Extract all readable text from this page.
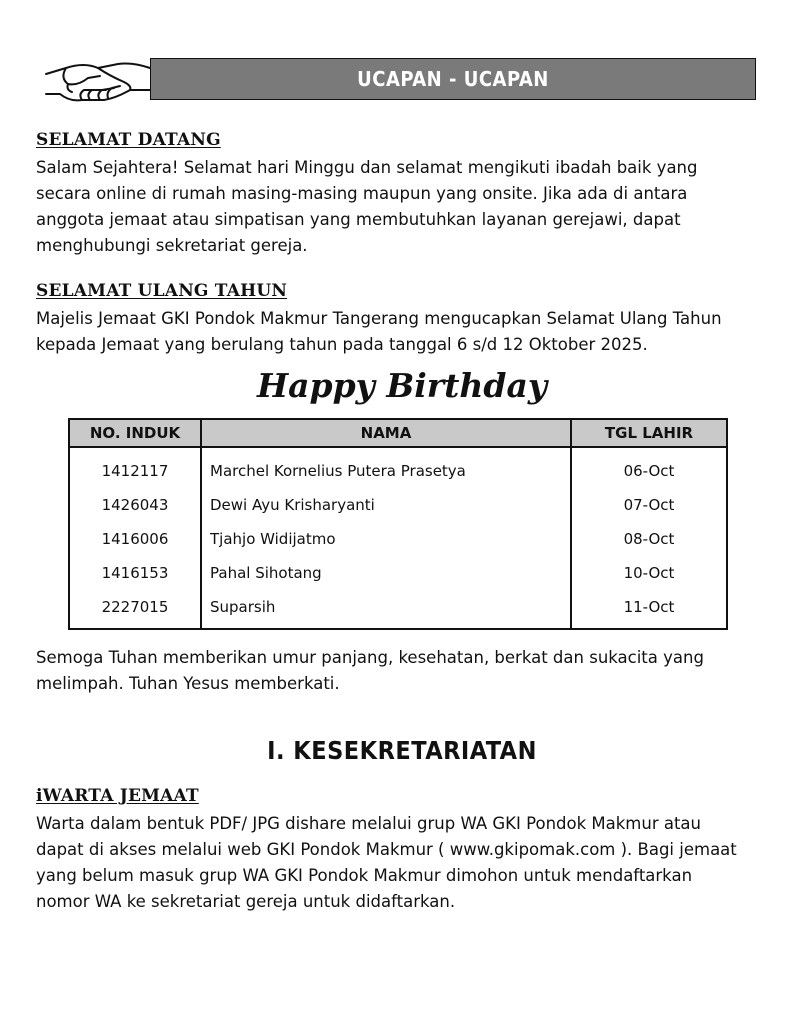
UCAPAN - UCAPAN
SELAMAT DATANG
Salam Sejahtera! Selamat hari Minggu dan selamat mengikuti ibadah baik yang
secara online di rumah masing-masing maupun yang onsite. Jika ada di antara
anggota jemaat atau simpatisan yang membutuhkan layanan gerejawi, dapat
menghubungi sekretariat gereja.
SELAMAT ULANG TAHUN
Majelis Jemaat GKI Pondok Makmur Tangerang mengucapkan Selamat Ulang Tahun
kepada Jemaat yang berulang tahun pada tanggal 6 s/d 12 Oktober 2025.
Happy Birthday
NO. INDUK	NAMA	TGL LAHIR
1412117	Marchel Kornelius Putera Prasetya	06-Oct
1426043	Dewi Ayu Krisharyanti	07-Oct
1416006	Tjahjo Widijatmo	08-Oct
1416153	Pahal Sihotang	10-Oct
2227015	Suparsih	11-Oct
Semoga Tuhan memberikan umur panjang, kesehatan, berkat dan sukacita yang
melimpah. Tuhan Yesus memberkati.
I. KESEKRETARIATAN
iWARTA JEMAAT
Warta dalam bentuk PDF/ JPG dishare melalui grup WA GKI Pondok Makmur atau
dapat di akses melalui web GKI Pondok Makmur ( www.gkipomak.com ). Bagi jemaat
yang belum masuk grup WA GKI Pondok Makmur dimohon untuk mendaftarkan
nomor WA ke sekretariat gereja untuk didaftarkan.
